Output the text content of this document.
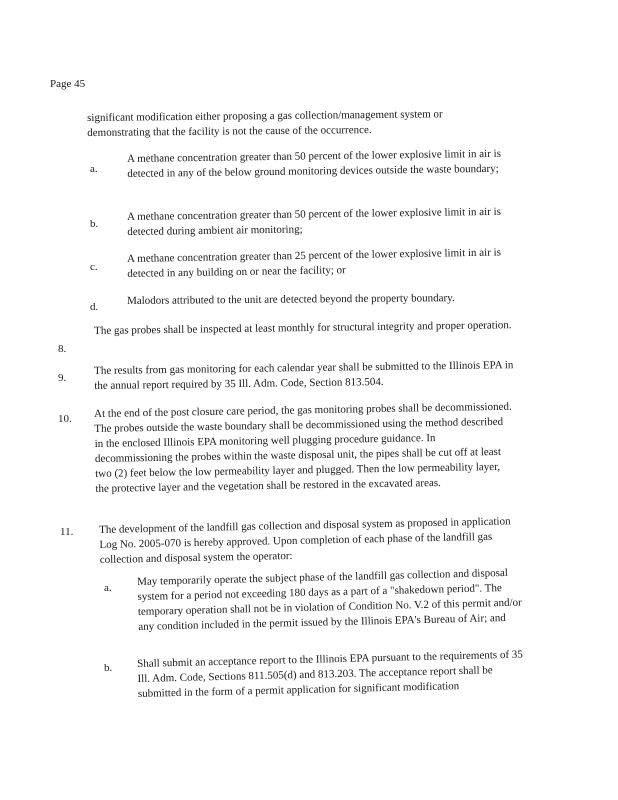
Page 45

significant modification either proposing a gas collection/management system or demonstrating that the facility is not the cause of the occurrence.

a.

A methane concentration greater than 50 percent of the lower explosive limit in air is detected in any of the below ground monitoring devices outside the waste boundary;

b.

A methane concentration greater than 50 percent of the lower explosive limit in air is detected during ambient air monitoring;

c.

A methane concentration greater than 25 percent of the lower explosive limit in air is detected in any building on or near the facility; or

d.

Malodors attributed to the unit are detected beyond the property boundary.

8.

The gas probes shall be inspected at least monthly for structural integrity and proper operation.

9.

The results from gas monitoring for each calendar year shall be submitted to the Illinois EPA in the annual report required by 35 Ill. Adm. Code, Section 813.504.

10. At the end of the post closure care period, the gas monitoring probes shall be decommissioned. The probes outside the waste boundary shall be decommissioned using the method described in the enclosed Illinois EPA monitoring well plugging procedure guidance. In decommissioning the probes within the waste disposal unit, the pipes shall be cut off at least two (2) feet below the low permeability layer and plugged. Then the low permeability layer, the protective layer and the vegetation shall be restored in the excavated areas.

11. The development of the landfill gas collection and disposal system as proposed in application Log No. 2005-070 is hereby approved. Upon completion of each phase of the landfill gas collection and disposal system the operator:

a.

May temporarily operate the subject phase of the landfill gas collection and disposal system for a period not exceeding 180 days as a part of a "shakedown period". The temporary operation shall not be in violation of Condition No. V.2 of this permit and/or any condition included in the permit issued by the Illinois EPA's Bureau of Air; and

b. Shall submit an acceptance report to the Illinois EPA pursuant to the requirements of 35 Ill. Adm. Code, Sections 811.505(d) and 813.203. The acceptance report shall be submitted in the form of a permit application for significant modification
